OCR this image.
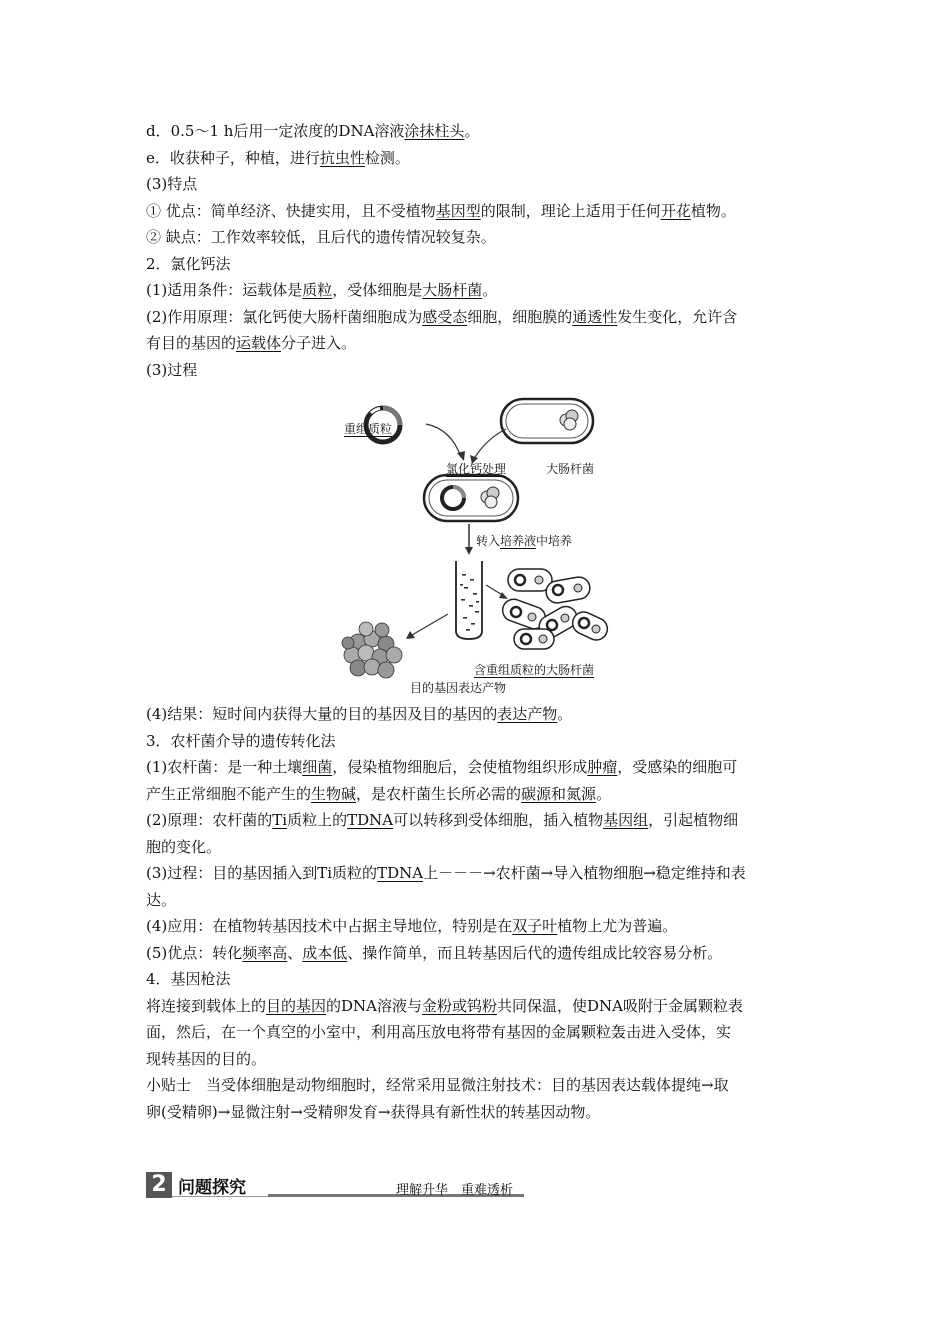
d．0.5～1 h后用一定浓度的DNA溶液涂抹柱头。
e．收获种子，种植，进行抗虫性检测。
(3)特点
① 优点：简单经济、快捷实用，且不受植物基因型的限制，理论上适用于任何开花植物。
② 缺点：工作效率较低，且后代的遗传情况较复杂。
2．氯化钙法
(1)适用条件：运载体是质粒，受体细胞是大肠杆菌。
(2)作用原理：氯化钙使大肠杆菌细胞成为感受态细胞，细胞膜的通透性发生变化，允许含
有目的基因的运载体分子进入。
(3)过程
重组质粒
氯化钙处理	大肠杆菌
转入培养液中培养
含重组质粒的大肠杆菌
目的基因表达产物
(4)结果：短时间内获得大量的目的基因及目的基因的表达产物。
3．农杆菌介导的遗传转化法
(1)农杆菌：是一种土壤细菌，侵染植物细胞后，会使植物组织形成肿瘤，受感染的细胞可
产生正常细胞不能产生的生物碱，是农杆菌生长所必需的碳源和氮源。
(2)原理：农杆菌的Ti质粒上的TDNA可以转移到受体细胞，插入植物基因组，引起植物细
胞的变化。
(3)过程：目的基因插入到Ti质粒的TDNA上－－－→农杆菌→导入植物细胞→稳定维持和表
达。
(4)应用：在植物转基因技术中占据主导地位，特别是在双子叶植物上尤为普遍。
(5)优点：转化频率高、成本低、操作简单，而且转基因后代的遗传组成比较容易分析。
4．基因枪法
将连接到载体上的目的基因的DNA溶液与金粉或钨粉共同保温，使DNA吸附于金属颗粒表
面，然后，在一个真空的小室中，利用高压放电将带有基因的金属颗粒轰击进入受体，实
现转基因的目的。
小贴士　当受体细胞是动物细胞时，经常采用显微注射技术：目的基因表达载体提纯→取
卵(受精卵)→显微注射→受精卵发育→获得具有新性状的转基因动物。
2 问题探究	理解升华　重难透析
